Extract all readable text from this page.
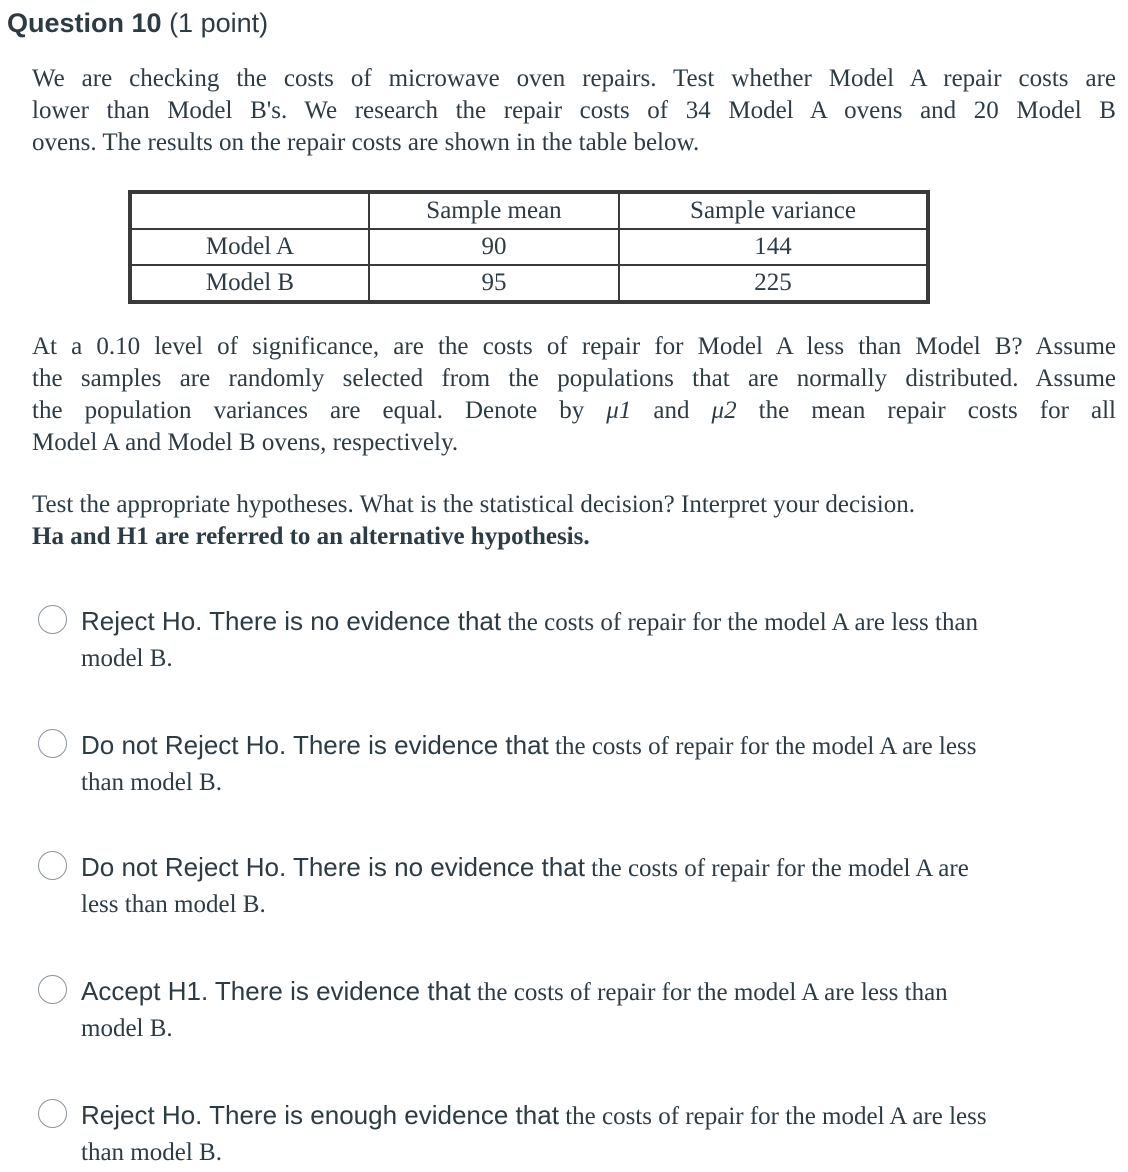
Question 10 (1 point)
We are checking the costs of microwave oven repairs. Test whether Model A repair costs are
lower than Model B's. We research the repair costs of 34 Model A ovens and 20 Model B
ovens. The results on the repair costs are shown in the table below.
	Sample mean	Sample variance
Model A	90	144
Model B	95	225
At a 0.10 level of significance, are the costs of repair for Model A less than Model B? Assume
the samples are randomly selected from the populations that are normally distributed. Assume
the population variances are equal. Denote by μ1 and μ2 the mean repair costs for all
Model A and Model B ovens, respectively.
Test the appropriate hypotheses. What is the statistical decision? Interpret your decision.
Ha and H1 are referred to an alternative hypothesis.
Reject Ho. There is no evidence that the costs of repair for the model A are less than
model B.
Do not Reject Ho. There is evidence that the costs of repair for the model A are less
than model B.
Do not Reject Ho. There is no evidence that the costs of repair for the model A are
less than model B.
Accept H1. There is evidence that the costs of repair for the model A are less than
model B.
Reject Ho. There is enough evidence that the costs of repair for the model A are less
than model B.
